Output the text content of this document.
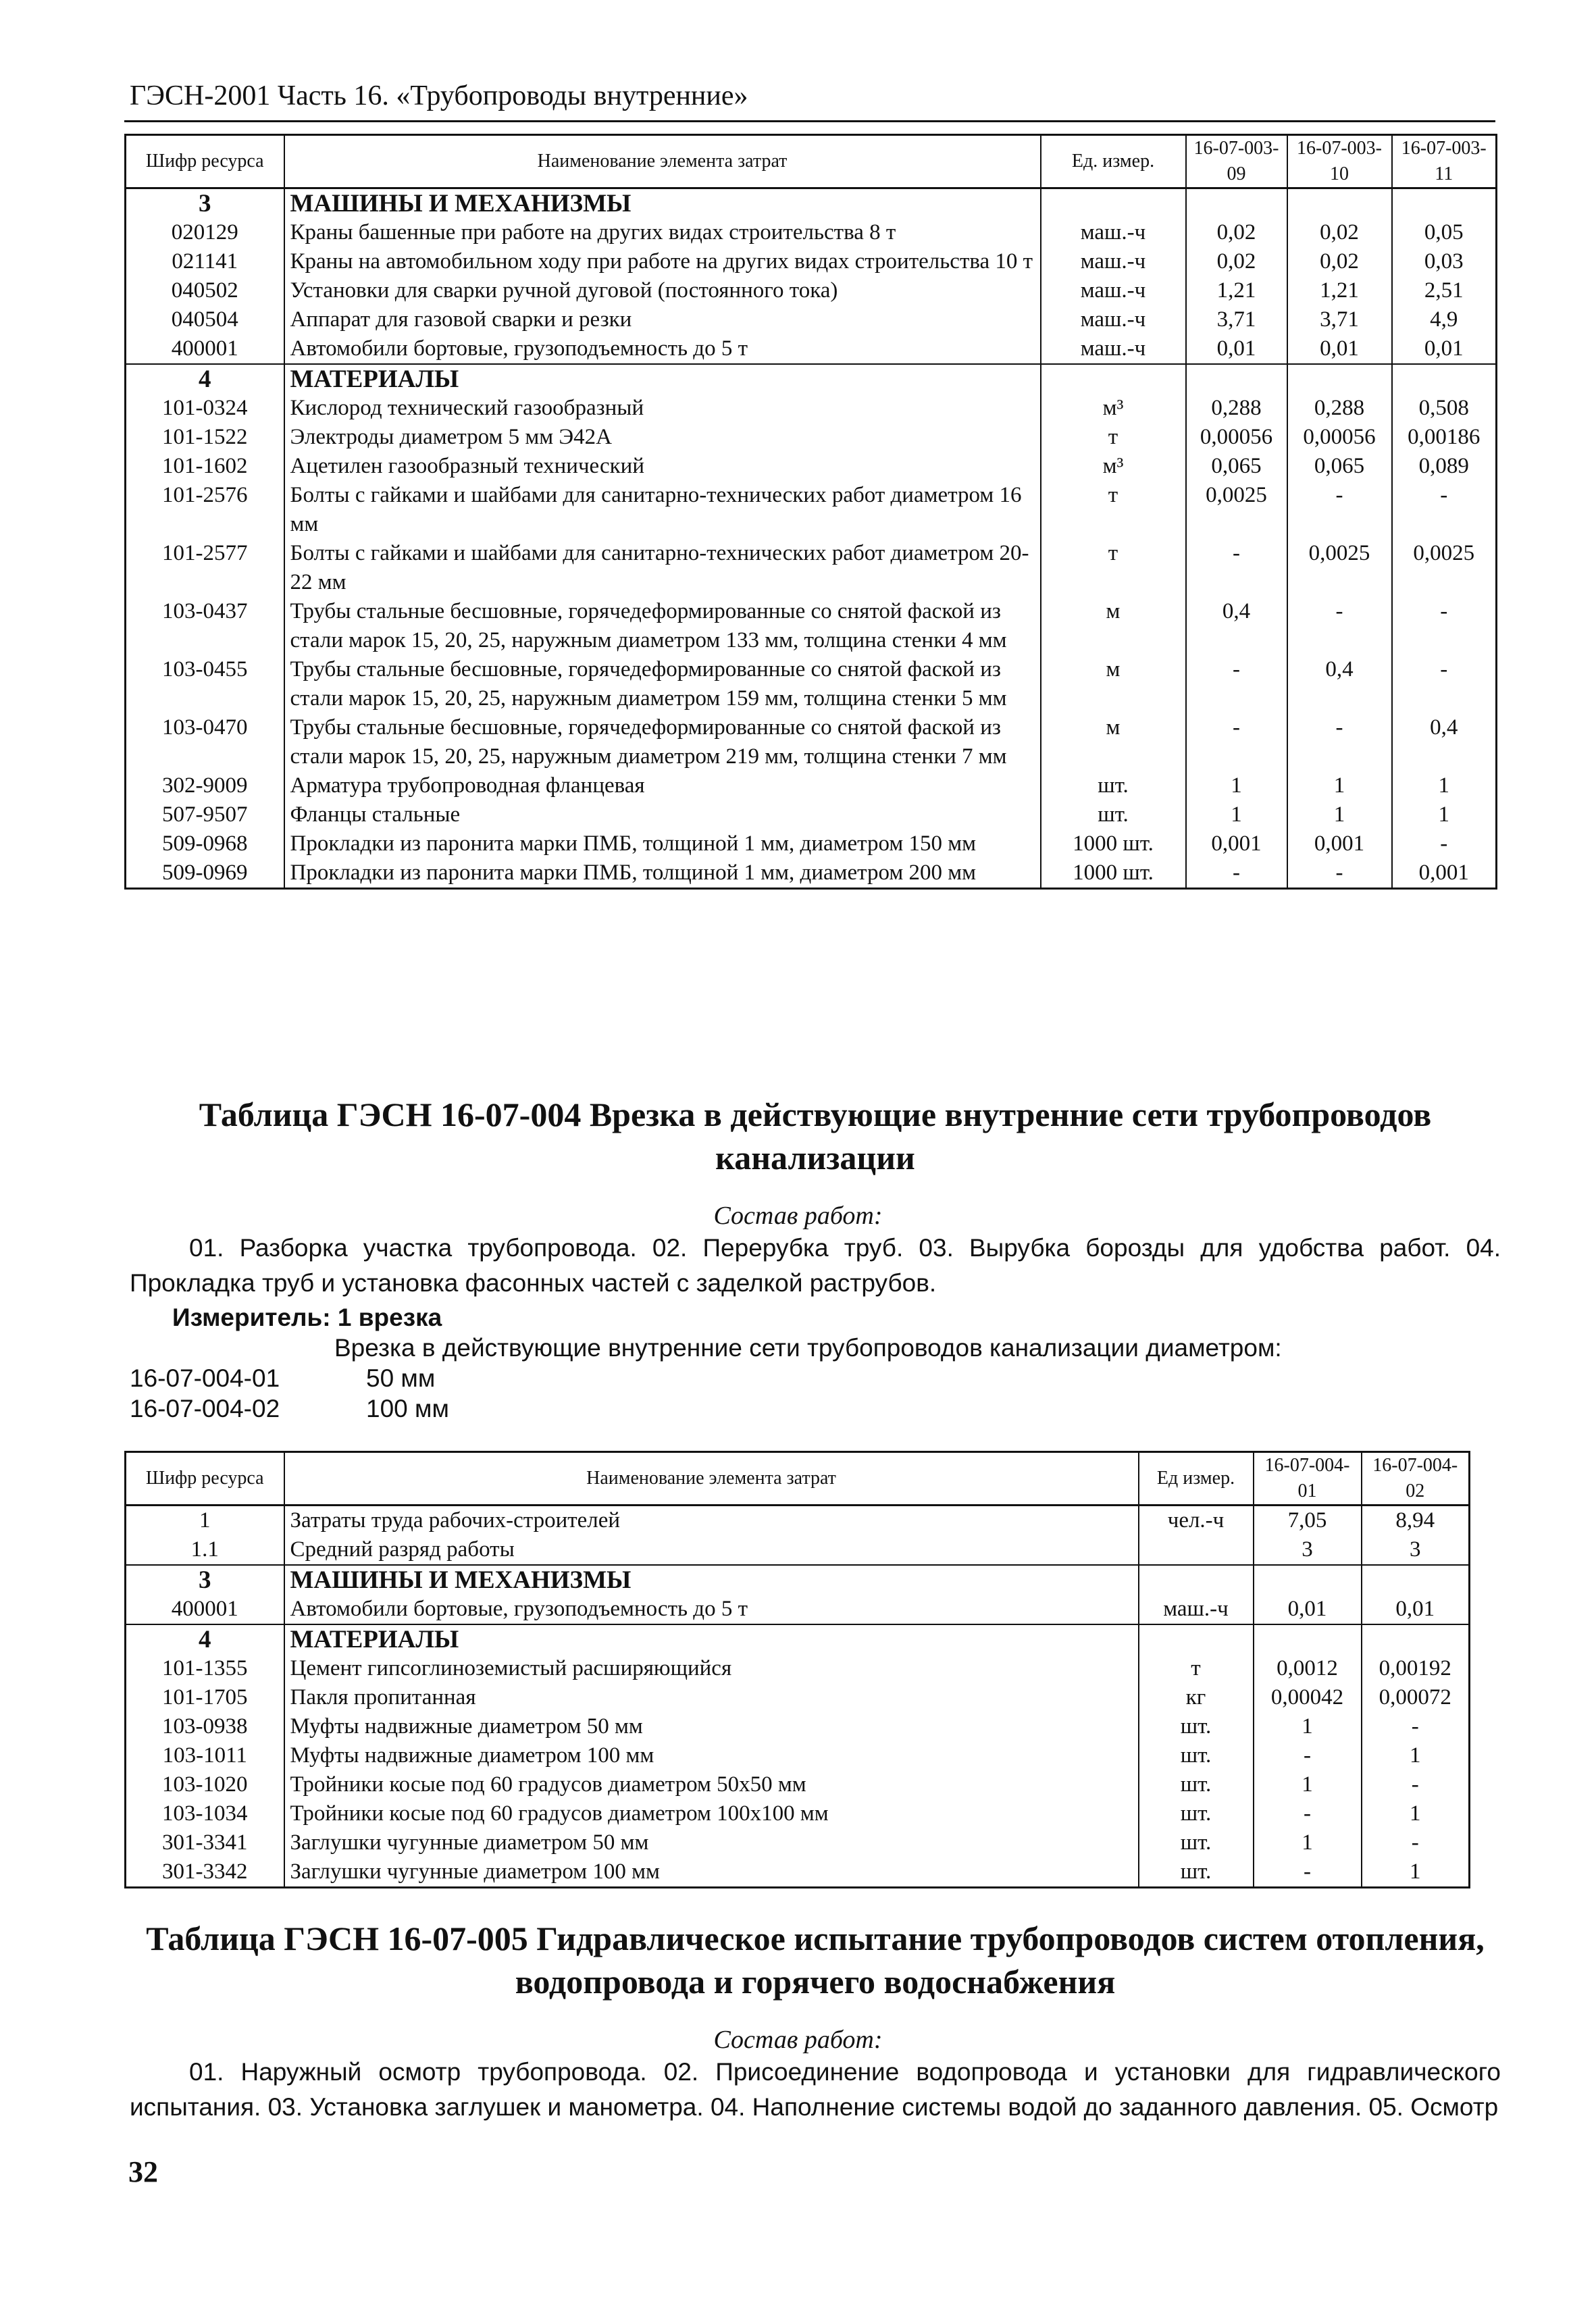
ГЭСН-2001 Часть 16. «Трубопроводы внутренние»
Шифр ресурса	Наименование элемента затрат	Ед. измер.	16-07-003-09	16-07-003-10	16-07-003-11
3	МАШИНЫ И МЕХАНИЗМЫ				
020129	Краны башенные при работе на других видах строительства 8 т	маш.-ч	0,02	0,02	0,05
021141	Краны на автомобильном ходу при работе на других видах строительства 10 т	маш.-ч	0,02	0,02	0,03
040502	Установки для сварки ручной дуговой (постоянного тока)	маш.-ч	1,21	1,21	2,51
040504	Аппарат для газовой сварки и резки	маш.-ч	3,71	3,71	4,9
400001	Автомобили бортовые, грузоподъемность до 5 т	маш.-ч	0,01	0,01	0,01
4	МАТЕРИАЛЫ				
101-0324	Кислород технический газообразный	м³	0,288	0,288	0,508
101-1522	Электроды диаметром 5 мм Э42А	т	0,00056	0,00056	0,00186
101-1602	Ацетилен газообразный технический	м³	0,065	0,065	0,089
101-2576	Болты с гайками и шайбами для санитарно-технических работ диаметром 16 мм	т	0,0025	-	-
101-2577	Болты с гайками и шайбами для санитарно-технических работ диаметром 20-22 мм	т	-	0,0025	0,0025
103-0437	Трубы стальные бесшовные, горячедеформированные со снятой фаской из стали марок 15, 20, 25, наружным диаметром 133 мм, толщина стенки 4 мм	м	0,4	-	-
103-0455	Трубы стальные бесшовные, горячедеформированные со снятой фаской из стали марок 15, 20, 25, наружным диаметром 159 мм, толщина стенки 5 мм	м	-	0,4	-
103-0470	Трубы стальные бесшовные, горячедеформированные со снятой фаской из стали марок 15, 20, 25, наружным диаметром 219 мм, толщина стенки 7 мм	м	-	-	0,4
302-9009	Арматура трубопроводная фланцевая	шт.	1	1	1
507-9507	Фланцы стальные	шт.	1	1	1
509-0968	Прокладки из паронита марки ПМБ, толщиной 1 мм, диаметром 150 мм	1000 шт.	0,001	0,001	-
509-0969	Прокладки из паронита марки ПМБ, толщиной 1 мм, диаметром 200 мм	1000 шт.	-	-	0,001
Таблица ГЭСН 16-07-004 Врезка в действующие внутренние сети трубопроводов канализации
Состав работ:
01. Разборка участка трубопровода. 02. Перерубка труб. 03. Вырубка борозды для удобства работ. 04. Прокладка труб и установка фасонных частей с заделкой раструбов.
Измеритель: 1 врезка
Врезка в действующие внутренние сети трубопроводов канализации диаметром:
16-07-004-01	50 мм
16-07-004-02	100 мм
Шифр ресурса	Наименование элемента затрат	Ед измер.	16-07-004-01	16-07-004-02
1	Затраты труда рабочих-строителей	чел.-ч	7,05	8,94
1.1	Средний разряд работы		3	3
3	МАШИНЫ И МЕХАНИЗМЫ			
400001	Автомобили бортовые, грузоподъемность до 5 т	маш.-ч	0,01	0,01
4	МАТЕРИАЛЫ			
101-1355	Цемент гипсоглиноземистый расширяющийся	т	0,0012	0,00192
101-1705	Пакля пропитанная	кг	0,00042	0,00072
103-0938	Муфты надвижные диаметром 50 мм	шт.	1	-
103-1011	Муфты надвижные диаметром 100 мм	шт.	-	1
103-1020	Тройники косые под 60 градусов диаметром 50x50 мм	шт.	1	-
103-1034	Тройники косые под 60 градусов диаметром 100x100 мм	шт.	-	1
301-3341	Заглушки чугунные диаметром 50 мм	шт.	1	-
301-3342	Заглушки чугунные диаметром 100 мм	шт.	-	1
Таблица ГЭСН 16-07-005 Гидравлическое испытание трубопроводов систем отопления, водопровода и горячего водоснабжения
Состав работ:
01. Наружный осмотр трубопровода. 02. Присоединение водопровода и установки для гидравлического испытания. 03. Установка заглушек и манометра. 04. Наполнение системы водой до заданного давления. 05. Осмотр
32
